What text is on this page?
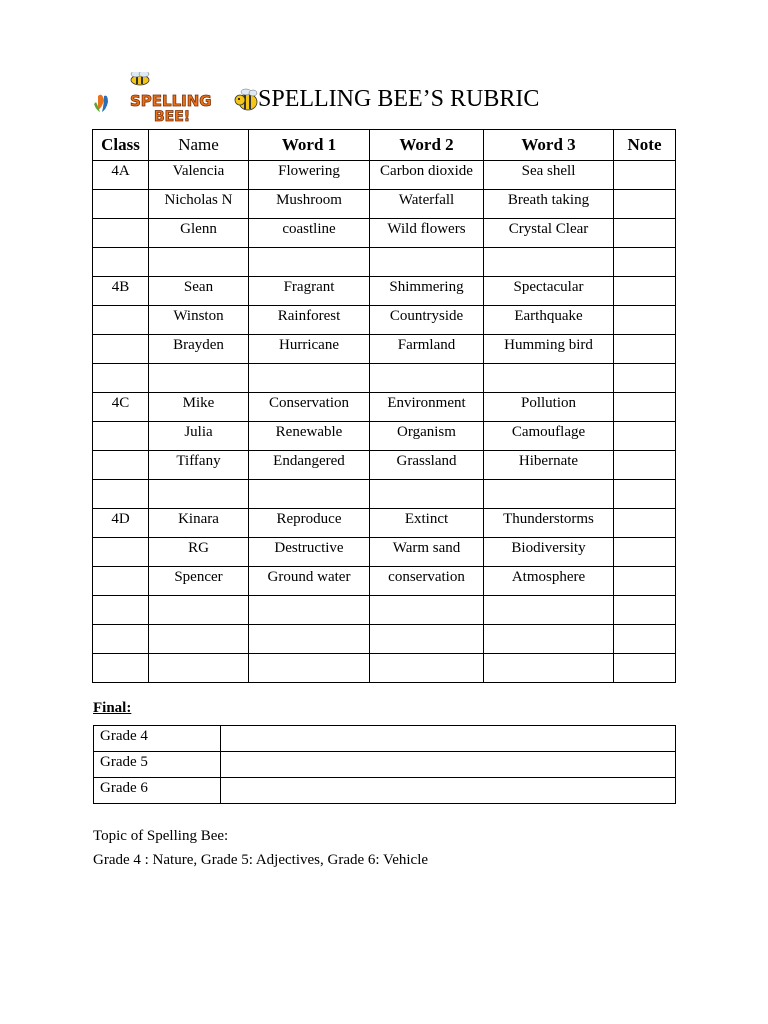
SPELLING
BEE!
SPELLING BEE’S RUBRIC
Class	Name	Word 1	Word 2	Word 3	Note
4A	Valencia	Flowering	Carbon dioxide	Sea shell	
	Nicholas N	Mushroom	Waterfall	Breath taking	
	Glenn	coastline	Wild flowers	Crystal Clear	

4B	Sean	Fragrant	Shimmering	Spectacular	
	Winston	Rainforest	Countryside	Earthquake	
	Brayden	Hurricane	Farmland	Humming bird	

4C	Mike	Conservation	Environment	Pollution	
	Julia	Renewable	Organism	Camouflage	
	Tiffany	Endangered	Grassland	Hibernate	

4D	Kinara	Reproduce	Extinct	Thunderstorms	
	RG	Destructive	Warm sand	Biodiversity	
	Spencer	Ground water	conservation	Atmosphere	

Final:
Grade 4	
Grade 5	
Grade 6	
Topic of Spelling Bee:
Grade 4 : Nature, Grade 5: Adjectives, Grade 6: Vehicle
